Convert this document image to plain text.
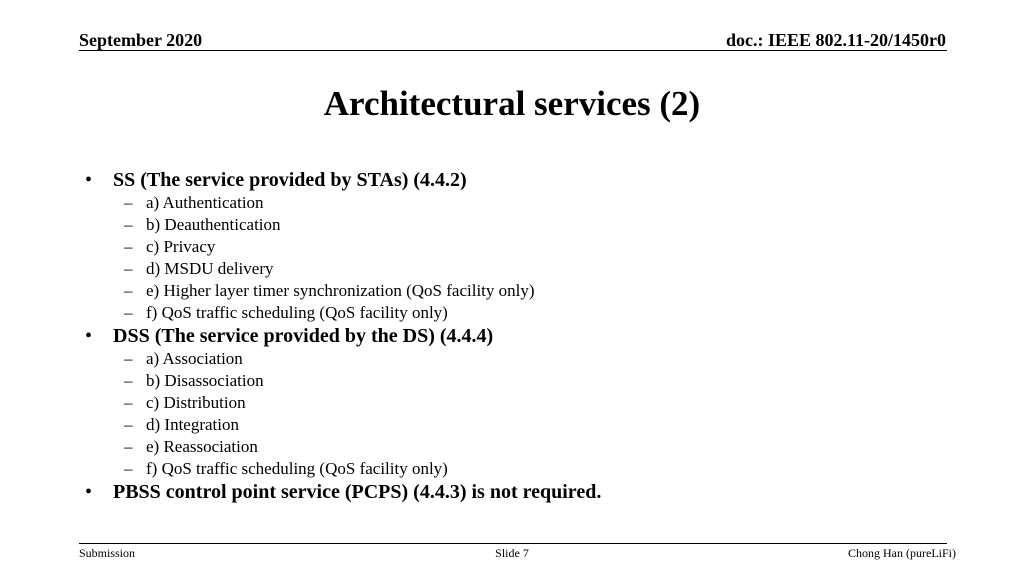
September 2020	doc.: IEEE 802.11-20/1450r0
Architectural services (2)
• SS (The service provided by STAs) (4.4.2)
– a) Authentication
– b) Deauthentication
– c) Privacy
– d) MSDU delivery
– e) Higher layer timer synchronization (QoS facility only)
– f) QoS traffic scheduling (QoS facility only)
• DSS (The service provided by the DS) (4.4.4)
– a) Association
– b) Disassociation
– c) Distribution
– d) Integration
– e) Reassociation
– f) QoS traffic scheduling (QoS facility only)
• PBSS control point service (PCPS) (4.4.3) is not required.
Submission	Slide 7	Chong Han (pureLiFi)
